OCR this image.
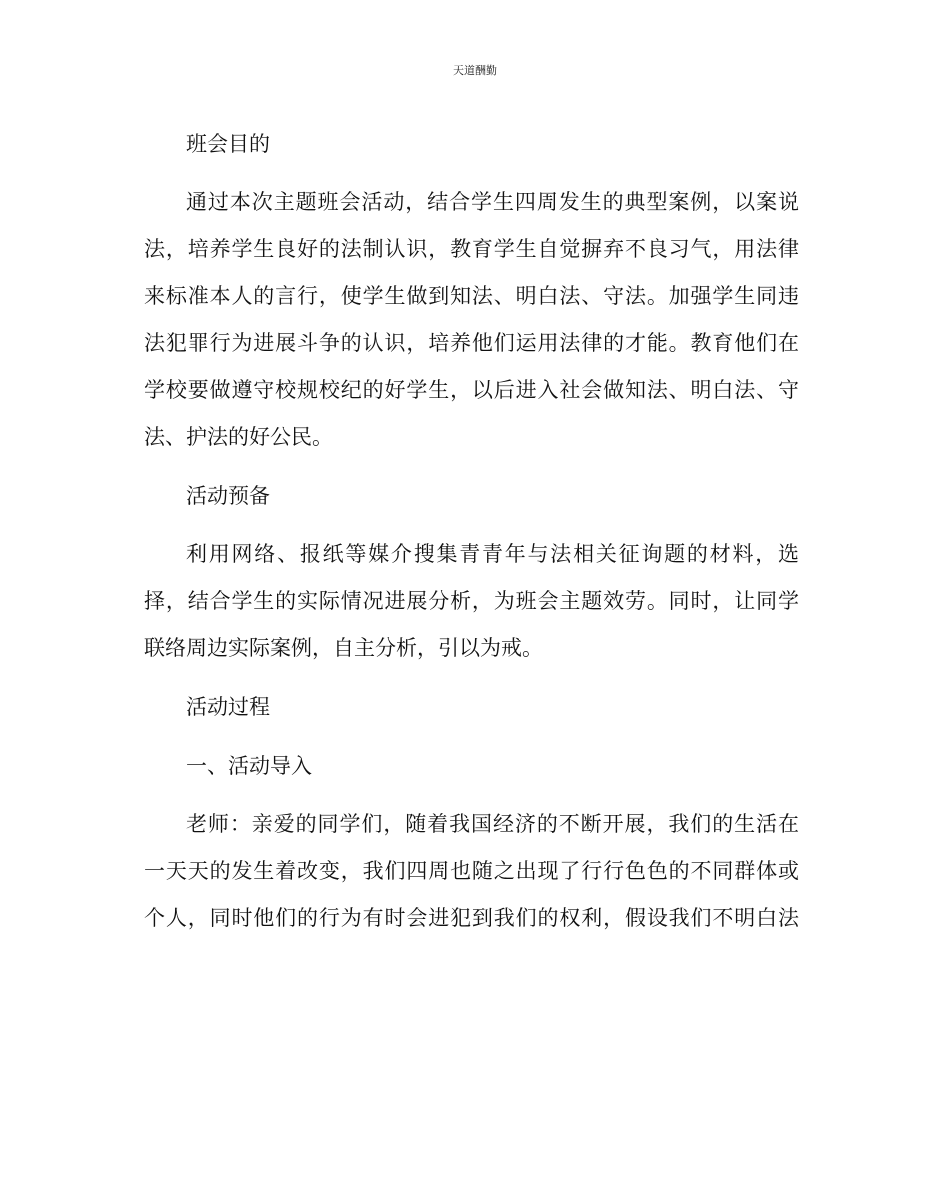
天道酬勤
班会目的
通过本次主题班会活动，结合学生四周发生的典型案例，以案说
法，培养学生良好的法制认识，教育学生自觉摒弃不良习气，用法律
来标准本人的言行，使学生做到知法、明白法、守法。加强学生同违
法犯罪行为进展斗争的认识，培养他们运用法律的才能。教育他们在
学校要做遵守校规校纪的好学生，以后进入社会做知法、明白法、守
法、护法的好公民。
活动预备
利用网络、报纸等媒介搜集青青年与法相关征询题的材料，选
择，结合学生的实际情况进展分析，为班会主题效劳。同时，让同学
联络周边实际案例，自主分析，引以为戒。
活动过程
一、活动导入
老师：亲爱的同学们，随着我国经济的不断开展，我们的生活在
一天天的发生着改变，我们四周也随之出现了行行色色的不同群体或
个人，同时他们的行为有时会进犯到我们的权利，假设我们不明白法
